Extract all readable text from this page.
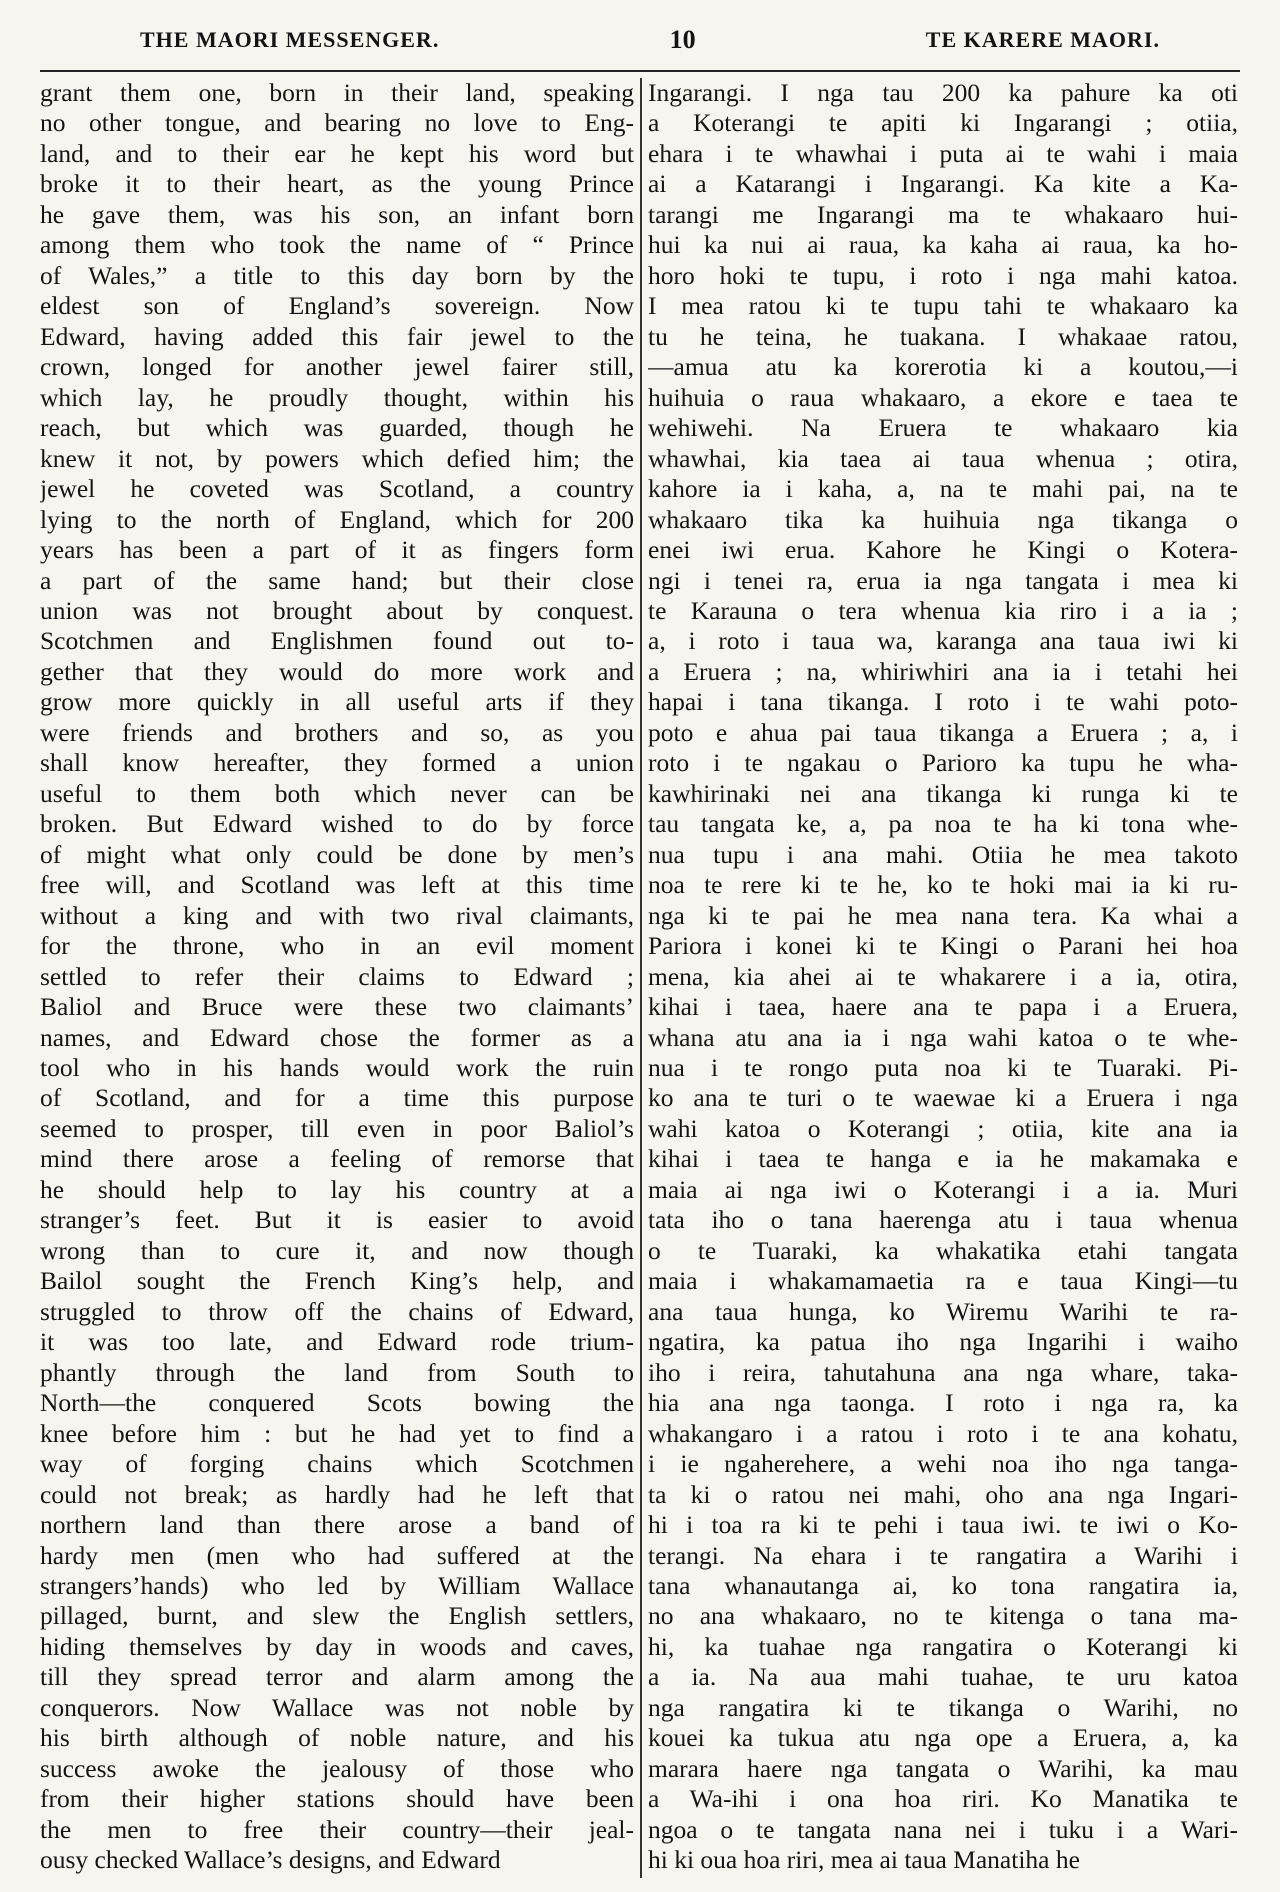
THE MAORI MESSENGER.	10	TE KARERE MAORI.
grant them one, born in their land, speaking
no other tongue, and bearing no love to Eng-
land, and to their ear he kept his word but
broke it to their heart, as the young Prince
he gave them, was his son, an infant born
among them who took the name of “ Prince
of Wales,” a title to this day born by the
eldest son of England’s sovereign. Now
Edward, having added this fair jewel to the
crown, longed for another jewel fairer still,
which lay, he proudly thought, within his
reach, but which was guarded, though he
knew it not, by powers which defied him; the
jewel he coveted was Scotland, a country
lying to the north of England, which for 200
years has been a part of it as fingers form
a part of the same hand; but their close
union was not brought about by conquest.
Scotchmen and Englishmen found out to-
gether that they would do more work and
grow more quickly in all useful arts if they
were friends and brothers and so, as you
shall know hereafter, they formed a union
useful to them both which never can be
broken. But Edward wished to do by force
of might what only could be done by men’s
free will, and Scotland was left at this time
without a king and with two rival claimants,
for the throne, who in an evil moment
settled to refer their claims to Edward ;
Baliol and Bruce were these two claimants’
names, and Edward chose the former as a
tool who in his hands would work the ruin
of Scotland, and for a time this purpose
seemed to prosper, till even in poor Baliol’s
mind there arose a feeling of remorse that
he should help to lay his country at a
stranger’s feet. But it is easier to avoid
wrong than to cure it, and now though
Bailol sought the French King’s help, and
struggled to throw off the chains of Edward,
it was too late, and Edward rode trium-
phantly through the land from South to
North—the conquered Scots bowing the
knee before him : but he had yet to find a
way of forging chains which Scotchmen
could not break; as hardly had he left that
northern land than there arose a band of
hardy men (men who had suffered at the
strangers’hands) who led by William Wallace
pillaged, burnt, and slew the English settlers,
hiding themselves by day in woods and caves,
till they spread terror and alarm among the
conquerors. Now Wallace was not noble by
his birth although of noble nature, and his
success awoke the jealousy of those who
from their higher stations should have been
the men to free their country—their jeal-
ousy checked Wallace’s designs, and Edward
Ingarangi. I nga tau 200 ka pahure ka oti
a Koterangi te apiti ki Ingarangi ; otiia,
ehara i te whawhai i puta ai te wahi i maia
ai a Katarangi i Ingarangi. Ka kite a Ka-
tarangi me Ingarangi ma te whakaaro hui-
hui ka nui ai raua, ka kaha ai raua, ka ho-
horo hoki te tupu, i roto i nga mahi katoa.
I mea ratou ki te tupu tahi te whakaaro ka
tu he teina, he tuakana. I whakaae ratou,
—amua atu ka korerotia ki a koutou,—i
huihuia o raua whakaaro, a ekore e taea te
wehiwehi. Na Eruera te whakaaro kia
whawhai, kia taea ai taua whenua ; otira,
kahore ia i kaha, a, na te mahi pai, na te
whakaaro tika ka huihuia nga tikanga o
enei iwi erua. Kahore he Kingi o Kotera-
ngi i tenei ra, erua ia nga tangata i mea ki
te Karauna o tera whenua kia riro i a ia ;
a, i roto i taua wa, karanga ana taua iwi ki
a Eruera ; na, whiriwhiri ana ia i tetahi hei
hapai i tana tikanga. I roto i te wahi poto-
poto e ahua pai taua tikanga a Eruera ; a, i
roto i te ngakau o Parioro ka tupu he wha-
kawhirinaki nei ana tikanga ki runga ki te
tau tangata ke, a, pa noa te ha ki tona whe-
nua tupu i ana mahi. Otiia he mea takoto
noa te rere ki te he, ko te hoki mai ia ki ru-
nga ki te pai he mea nana tera. Ka whai a
Pariora i konei ki te Kingi o Parani hei hoa
mena, kia ahei ai te whakarere i a ia, otira,
kihai i taea, haere ana te papa i a Eruera,
whana atu ana ia i nga wahi katoa o te whe-
nua i te rongo puta noa ki te Tuaraki. Pi-
ko ana te turi o te waewae ki a Eruera i nga
wahi katoa o Koterangi ; otiia, kite ana ia
kihai i taea te hanga e ia he makamaka e
maia ai nga iwi o Koterangi i a ia. Muri
tata iho o tana haerenga atu i taua whenua
o te Tuaraki, ka whakatika etahi tangata
maia i whakamamaetia ra e taua Kingi—tu
ana taua hunga, ko Wiremu Warihi te ra-
ngatira, ka patua iho nga Ingarihi i waiho
iho i reira, tahutahuna ana nga whare, taka-
hia ana nga taonga. I roto i nga ra, ka
whakangaro i a ratou i roto i te ana kohatu,
i ie ngaherehere, a wehi noa iho nga tanga-
ta ki o ratou nei mahi, oho ana nga Ingari-
hi i toa ra ki te pehi i taua iwi. te iwi o Ko-
terangi. Na ehara i te rangatira a Warihi i
tana whanautanga ai, ko tona rangatira ia,
no ana whakaaro, no te kitenga o tana ma-
hi, ka tuahae nga rangatira o Koterangi ki
a ia. Na aua mahi tuahae, te uru katoa
nga rangatira ki te tikanga o Warihi, no
kouei ka tukua atu nga ope a Eruera, a, ka
marara haere nga tangata o Warihi, ka mau
a Wa-ihi i ona hoa riri. Ko Manatika te
ngoa o te tangata nana nei i tuku i a Wari-
hi ki oua hoa riri, mea ai taua Manatiha he
